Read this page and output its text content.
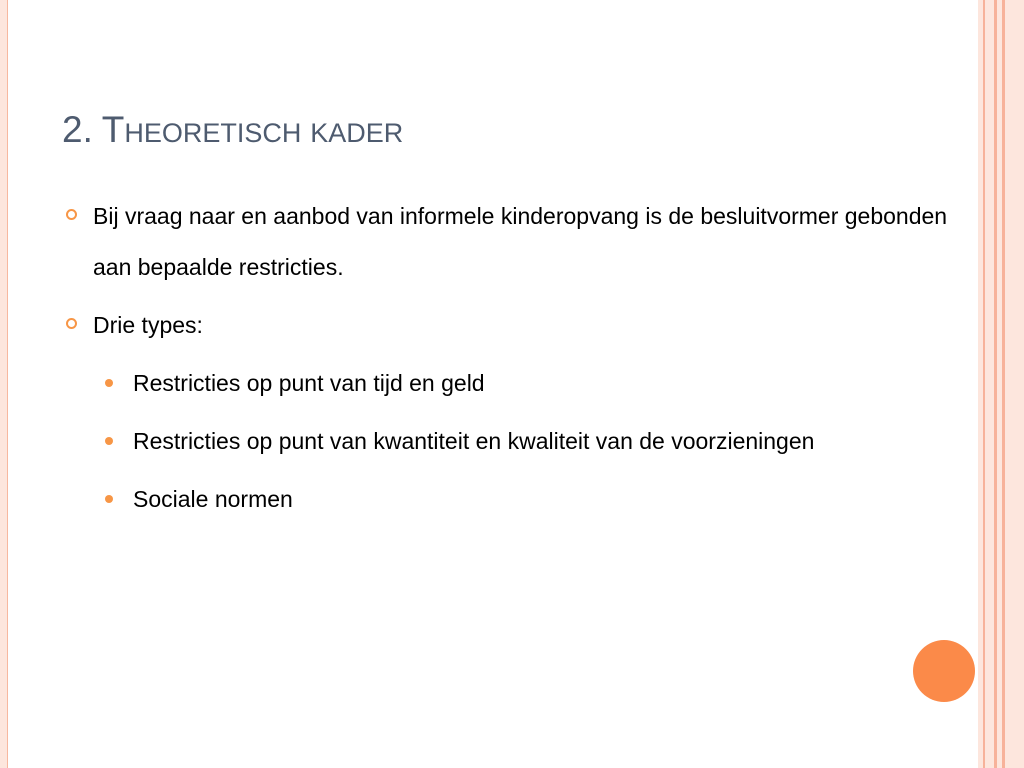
2. THEORETISCH KADER
Bij vraag naar en aanbod van informele kinderopvang is de besluitvormer gebonden aan bepaalde restricties.
Drie types:
Restricties op punt van tijd en geld
Restricties op punt van kwantiteit en kwaliteit van de voorzieningen
Sociale normen
